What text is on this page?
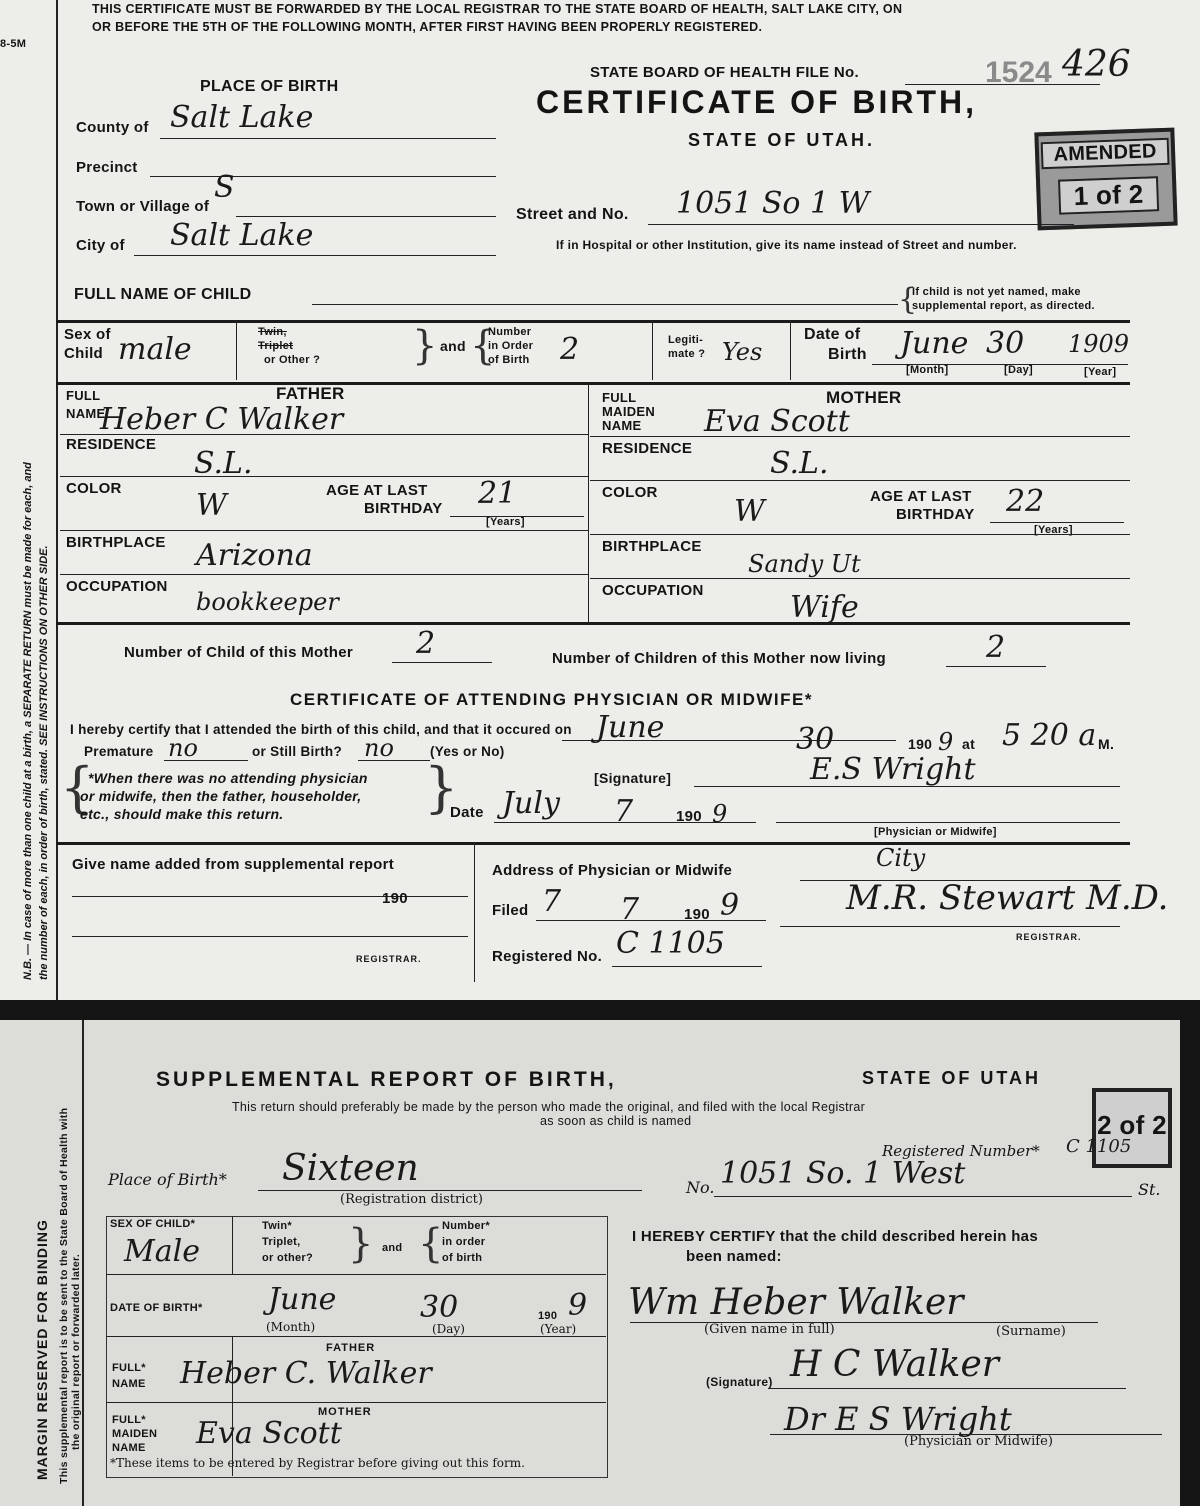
8-5M
N.B. — In case of more than one child at a birth, a SEPARATE RETURN must be made for each, and the number of each, in order of birth, stated. SEE INSTRUCTIONS ON OTHER SIDE.
THIS CERTIFICATE MUST BE FORWARDED BY THE LOCAL REGISTRAR TO THE STATE BOARD OF HEALTH, SALT LAKE CITY, ON
OR BEFORE THE 5TH OF THE FOLLOWING MONTH, AFTER FIRST HAVING BEEN PROPERLY REGISTERED.
STATE BOARD OF HEALTH FILE No.	1524 426
CERTIFICATE OF BIRTH,
STATE OF UTAH.
AMENDED
1 of 2
PLACE OF BIRTH
County of Salt Lake
Precinct
Town or Village of
S
City of Salt Lake
Street and No. 1051 So 1 W
If in Hospital or other Institution, give its name instead of Street and number.
FULL NAME OF CHILD	{
If child is not yet named, make
supplemental report, as directed.
Sex of
Child male	Twin,
Triplet
or Other ? } and {
Number
in Order
of Birth 2	Legiti-
mate ? Yes
Date of
Birth June 30 1909
[Month]	[Day]	[Year]
FULL
NAME
FATHER
Heber C Walker
RESIDENCE
S.L.
COLOR W	AGE AT LAST
BIRTHDAY 21
[Years]
BIRTHPLACE Arizona
OCCUPATION
bookkeeper
FULL
MAIDEN
NAME
MOTHER
Eva Scott
RESIDENCE	S.L.
COLOR
W	AGE AT LAST
BIRTHDAY 22
[Years]
BIRTHPLACE
Sandy Ut
OCCUPATION	Wife
Number of Child of this Mother 2	Number of Children of this Mother now living	2
CERTIFICATE OF ATTENDING PHYSICIAN OR MIDWIFE*
I hereby certify that I attended the birth of this child, and that it occured on June	30	190 9 at 5 20 a M.
Premature no	or Still Birth? no	(Yes or No)
{
*When there was no attending physician
or midwife, then the father, householder,
etc., should make this return.	}	[Signature]	E.S Wright
Date July 7	190 9
[Physician or Midwife]
Give name added from supplemental report
190
REGISTRAR.
Address of Physician or Midwife	City
Filed 7 7	190 9	M.R. Stewart M.D.
REGISTRAR.
Registered No. C 1105
MARGIN RESERVED FOR BINDING This supplemental report is to be sent to the State Board of Health with the original report or forwarded later.
SUPPLEMENTAL REPORT OF BIRTH,	STATE OF UTAH
This return should preferably be made by the person who made the original, and filed with the local Registrar
as soon as child is named	2 of 2
Registered Number* C 1105
Place of Birth* Sixteen
(Registration district)
No. 1051 So. 1 West	St.
SEX OF CHILD*
Male
Twin*
Triplet,
or other? } and {
Number*
in order
of birth
DATE OF BIRTH* June	30	190 9
(Month)	(Day)	(Year)
FATHER
FULL*
NAME Heber C. Walker
MOTHER
FULL*
MAIDEN
NAME Eva Scott
*These items to be entered by Registrar before giving out this form.
I HEREBY CERTIFY that the child described herein has
been named:
Wm Heber Walker
(Given name in full)	(Surname)
(Signature) H C Walker
Dr E S Wright
(Physician or Midwife)
